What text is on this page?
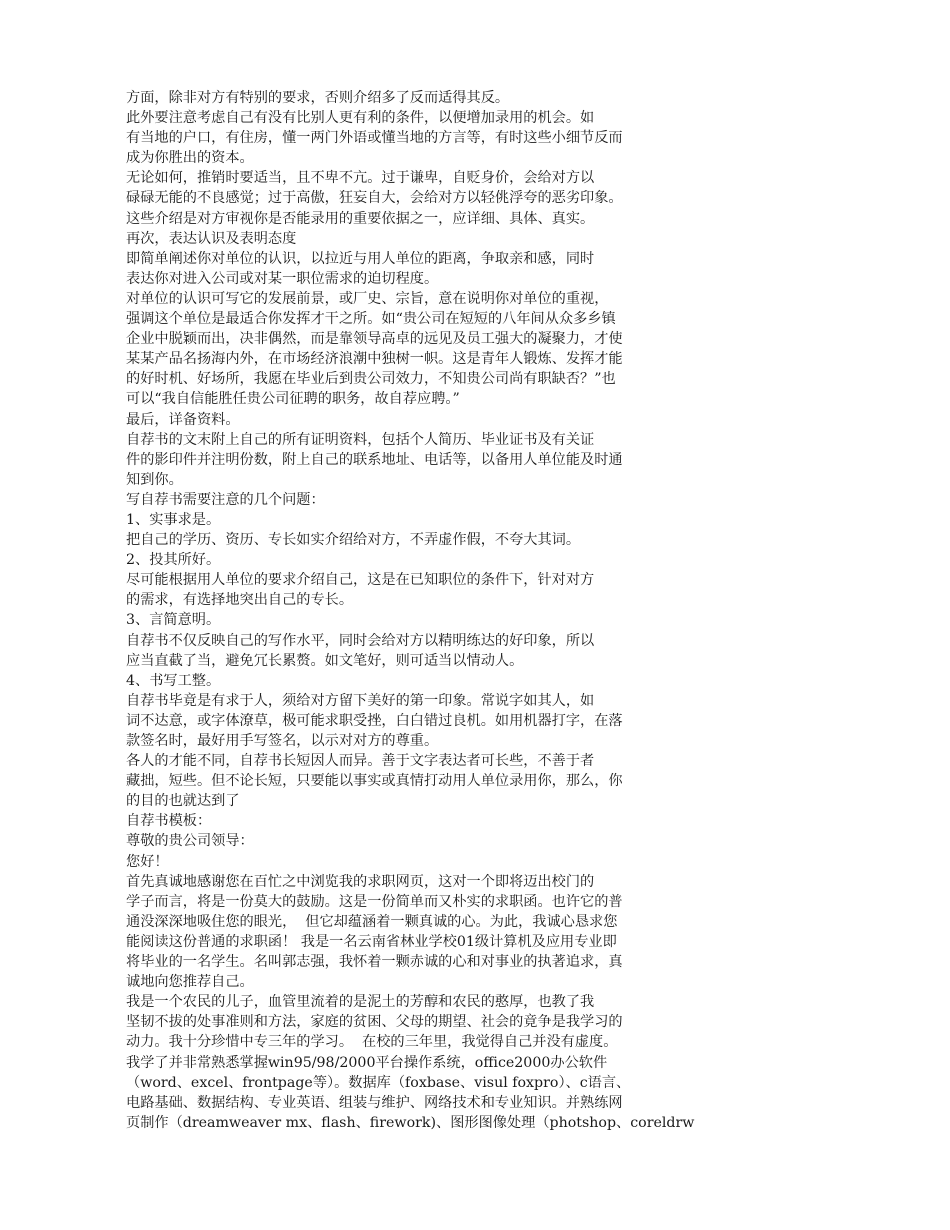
方面，除非对方有特别的要求，否则介绍多了反而适得其反。

此外要注意考虑自己有没有比别人更有利的条件，以便增加录用的机会。如

有当地的户口，有住房，懂一两门外语或懂当地的方言等，有时这些小细节反而

成为你胜出的资本。

无论如何，推销时要适当，且不卑不亢。过于谦卑，自贬身价，会给对方以

碌碌无能的不良感觉；过于高傲，狂妄自大，会给对方以轻佻浮夸的恶劣印象。

这些介绍是对方审视你是否能录用的重要依据之一，应详细、具体、真实。

再次，表达认识及表明态度

即简单阐述你对单位的认识，以拉近与用人单位的距离，争取亲和感，同时

表达你对进入公司或对某一职位需求的迫切程度。

对单位的认识可写它的发展前景，或厂史、宗旨，意在说明你对单位的重视，

强调这个单位是最适合你发挥才干之所。如“贵公司在短短的八年间从众多乡镇

企业中脱颖而出，决非偶然，而是靠领导高卓的远见及员工强大的凝聚力，才使

某某产品名扬海内外，在市场经济浪潮中独树一帜。这是青年人锻炼、发挥才能

的好时机、好场所，我愿在毕业后到贵公司效力，不知贵公司尚有职缺否？”也

可以“我自信能胜任贵公司征聘的职务，故自荐应聘。”

最后，详备资料。

自荐书的文末附上自己的所有证明资料，包括个人简历、毕业证书及有关证

件的影印件并注明份数，附上自己的联系地址、电话等，以备用人单位能及时通

知到你。

写自荐书需要注意的几个问题：

1、实事求是。

把自己的学历、资历、专长如实介绍给对方，不弄虚作假，不夸大其词。

2、投其所好。

尽可能根据用人单位的要求介绍自己，这是在已知职位的条件下，针对对方

的需求，有选择地突出自己的专长。

3、言简意明。

自荐书不仅反映自己的写作水平，同时会给对方以精明练达的好印象，所以

应当直截了当，避免冗长累赘。如文笔好，则可适当以情动人。

4、书写工整。

自荐书毕竟是有求于人，须给对方留下美好的第一印象。常说字如其人，如

词不达意，或字体潦草，极可能求职受挫，白白错过良机。如用机器打字，在落

款签名时，最好用手写签名，以示对对方的尊重。

各人的才能不同，自荐书长短因人而异。善于文字表达者可长些，不善于者

藏拙，短些。但不论长短，只要能以事实或真情打动用人单位录用你，那么，你

的目的也就达到了

自荐书模板：

尊敬的贵公司领导：

您好！

首先真诚地感谢您在百忙之中浏览我的求职网页，这对一个即将迈出校门的

学子而言，将是一份莫大的鼓励。这是一份简单而又朴实的求职函。也许它的普

通没深深地吸住您的眼光，  但它却蕴涵着一颗真诚的心。为此，我诚心恳求您

能阅读这份普通的求职函！ 我是一名云南省林业学校01级计算机及应用专业即

将毕业的一名学生。名叫郭志强，我怀着一颗赤诚的心和对事业的执著追求，真

诚地向您推荐自己。

我是一个农民的儿子，血管里流着的是泥土的芳醇和农民的憨厚，也教了我

坚韧不拔的处事准则和方法，家庭的贫困、父母的期望、社会的竟争是我学习的

动力。我十分珍惜中专三年的学习。  在校的三年里，我觉得自己并没有虚度。

我学了并非常熟悉掌握win95/98/2000平台操作系统，office2000办公软件

（word、excel、frontpage等）。数据库（foxbase、visul foxpro）、c语言、

电路基础、数据结构、专业英语、组装与维护、网络技术和专业知识。并熟练网

页制作（dreamweaver mx、flash、firework)、图形图像处理（photshop、coreldrw
